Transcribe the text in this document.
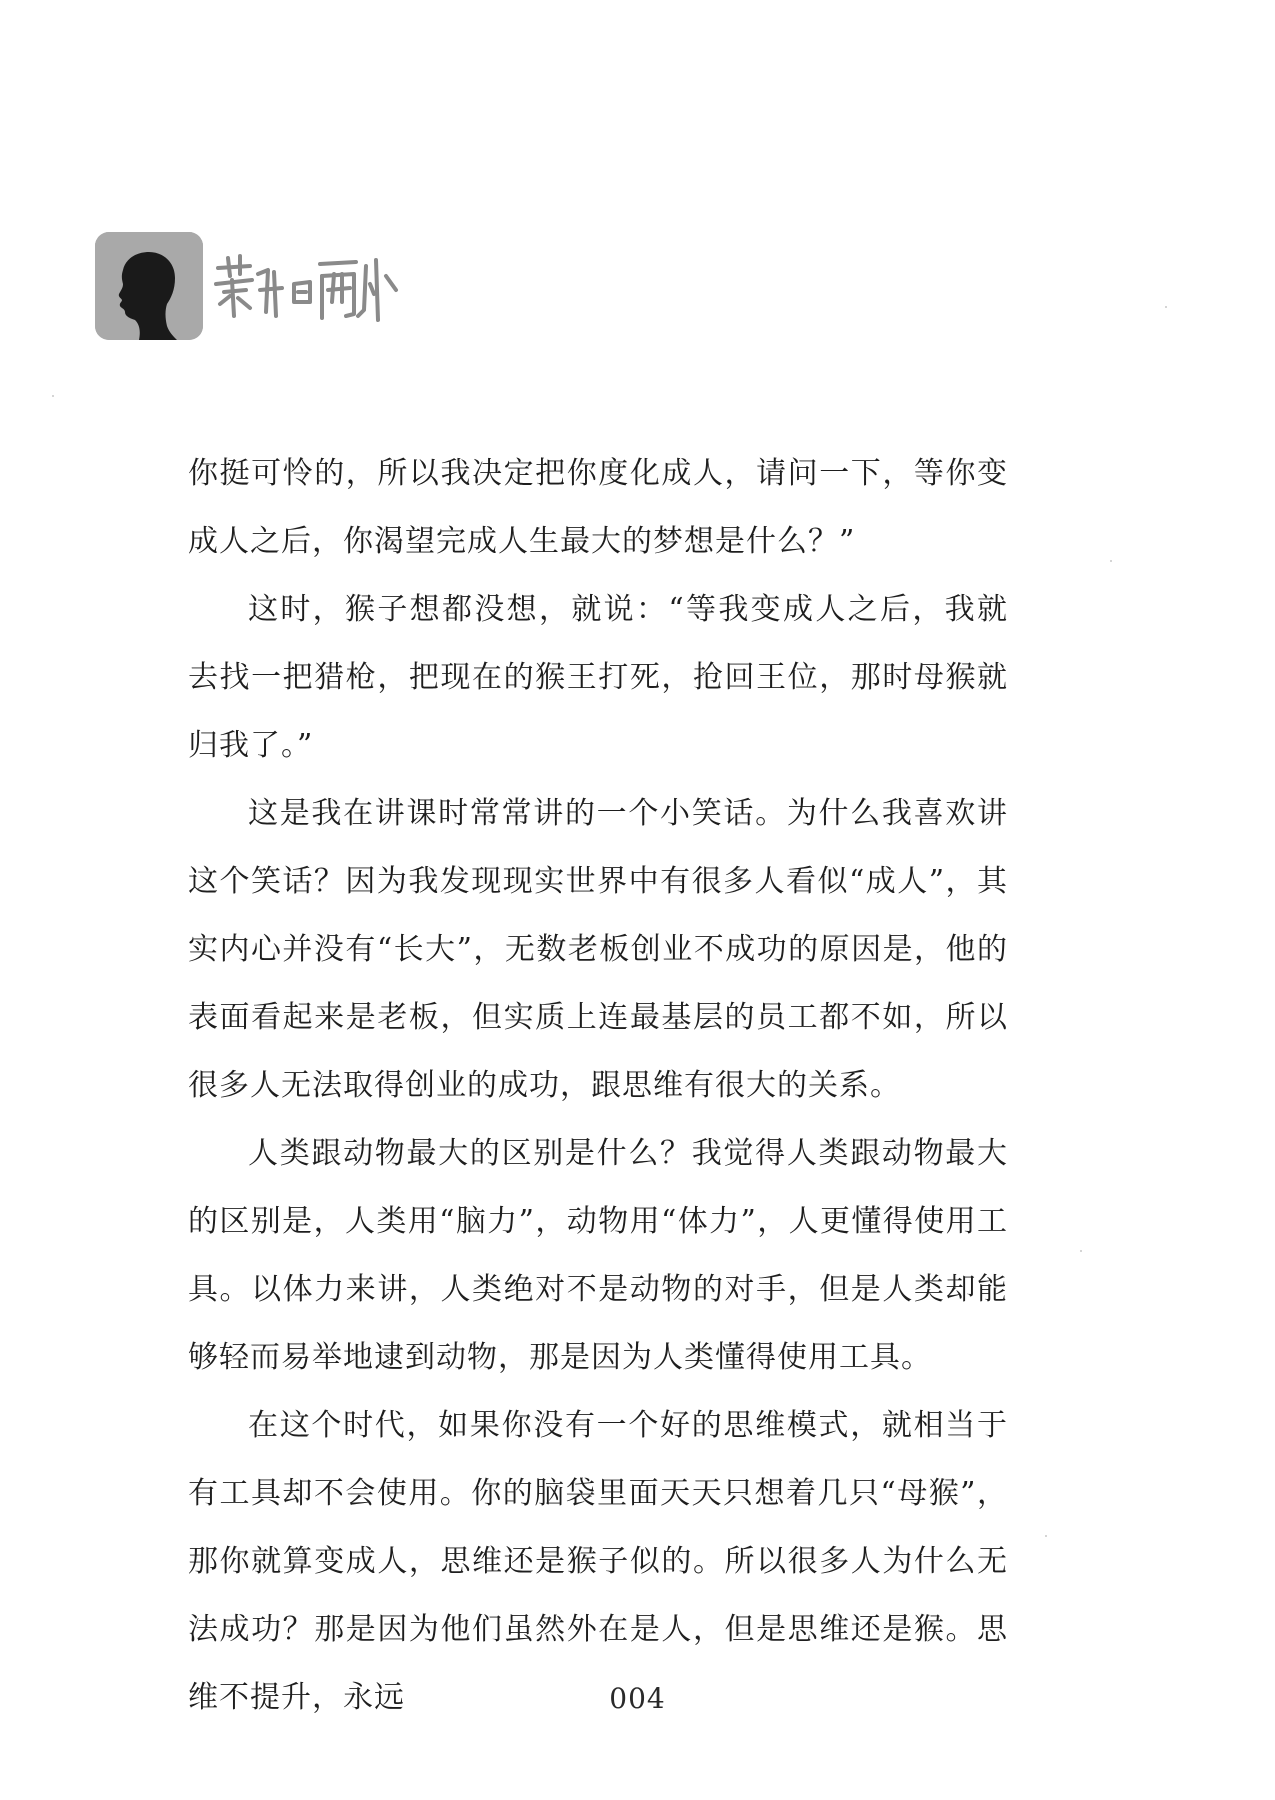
你挺可怜的，所以我决定把你度化成人，请问一下，等你变成人之后，你渴望完成人生最大的梦想是什么？”

这时，猴子想都没想，就说：“等我变成人之后，我就去找一把猎枪，把现在的猴王打死，抢回王位，那时母猴就归我了。”

这是我在讲课时常常讲的一个小笑话。为什么我喜欢讲这个笑话？因为我发现现实世界中有很多人看似“成人”，其实内心并没有“长大”，无数老板创业不成功的原因是，他的表面看起来是老板，但实质上连最基层的员工都不如，所以很多人无法取得创业的成功，跟思维有很大的关系。

人类跟动物最大的区别是什么？我觉得人类跟动物最大的区别是，人类用“脑力”，动物用“体力”，人更懂得使用工具。以体力来讲，人类绝对不是动物的对手，但是人类却能够轻而易举地逮到动物，那是因为人类懂得使用工具。

在这个时代，如果你没有一个好的思维模式，就相当于有工具却不会使用。你的脑袋里面天天只想着几只“母猴”，那你就算变成人，思维还是猴子似的。所以很多人为什么无法成功？那是因为他们虽然外在是人，但是思维还是猴。思维不提升，永远	004
